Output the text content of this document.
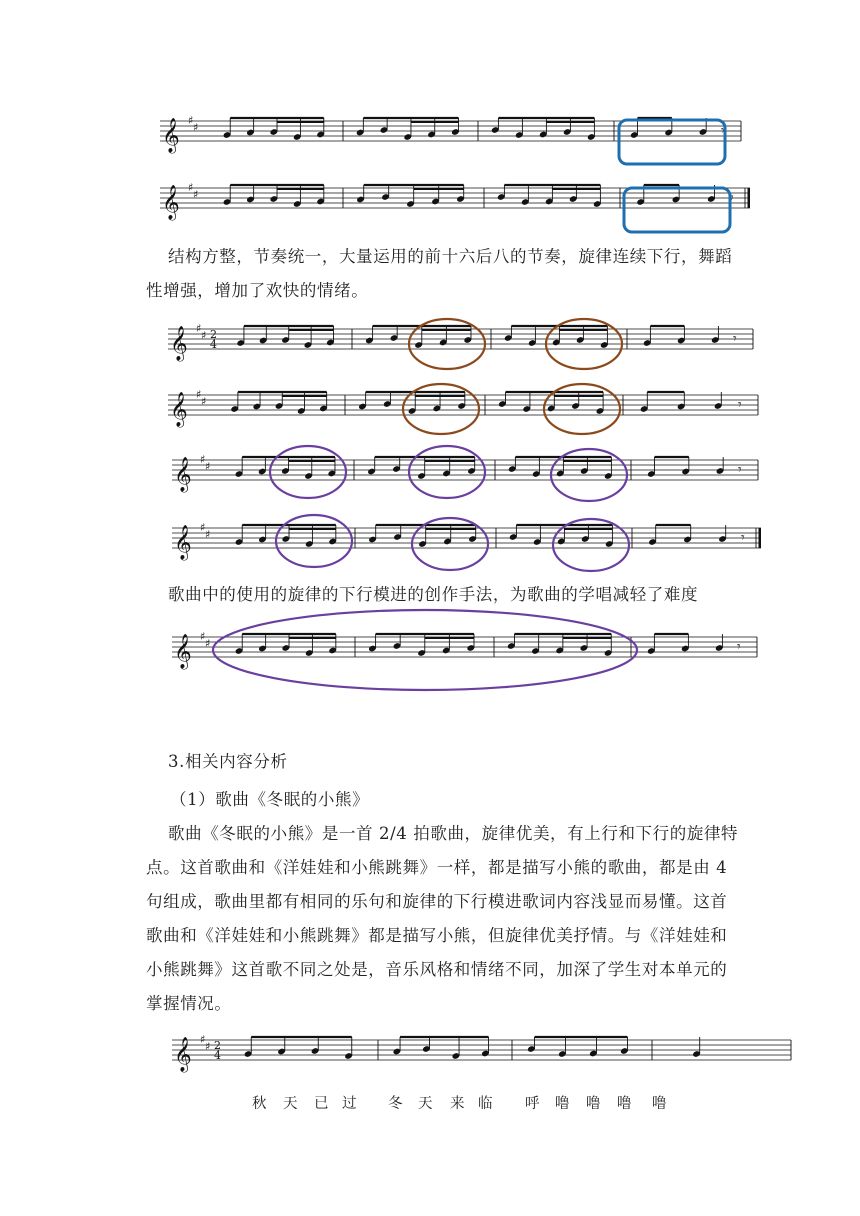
𝄞 ♯
♯	𝄾
𝄞 ♯
♯	𝄾
𝄞 ♯
♯ 2
4	𝄾
𝄞 ♯
♯	𝄾
𝄞 ♯
♯	𝄾
𝄞 ♯
♯	𝄾
𝄞 ♯
♯	𝄾
𝄞 ♯
♯ 2
4
结构方整，节奏统一，大量运用的前十六后八的节奏，旋律连续下行，舞蹈
性增强，增加了欢快的情绪。
歌曲中的使用的旋律的下行模进的创作手法，为歌曲的学唱减轻了难度
3.相关内容分析
（1）歌曲《冬眠的小熊》
歌曲《冬眠的小熊》是一首 2/4 拍歌曲，旋律优美，有上行和下行的旋律特
点。这首歌曲和《洋娃娃和小熊跳舞》一样，都是描写小熊的歌曲，都是由 4
句组成，歌曲里都有相同的乐句和旋律的下行模进歌词内容浅显而易懂。这首
歌曲和《洋娃娃和小熊跳舞》都是描写小熊，但旋律优美抒情。与《洋娃娃和
小熊跳舞》这首歌不同之处是，音乐风格和情绪不同，加深了学生对本单元的
掌握情况。
秋 天 已 过 冬 天 来 临 呼 噜 噜 噜 噜
